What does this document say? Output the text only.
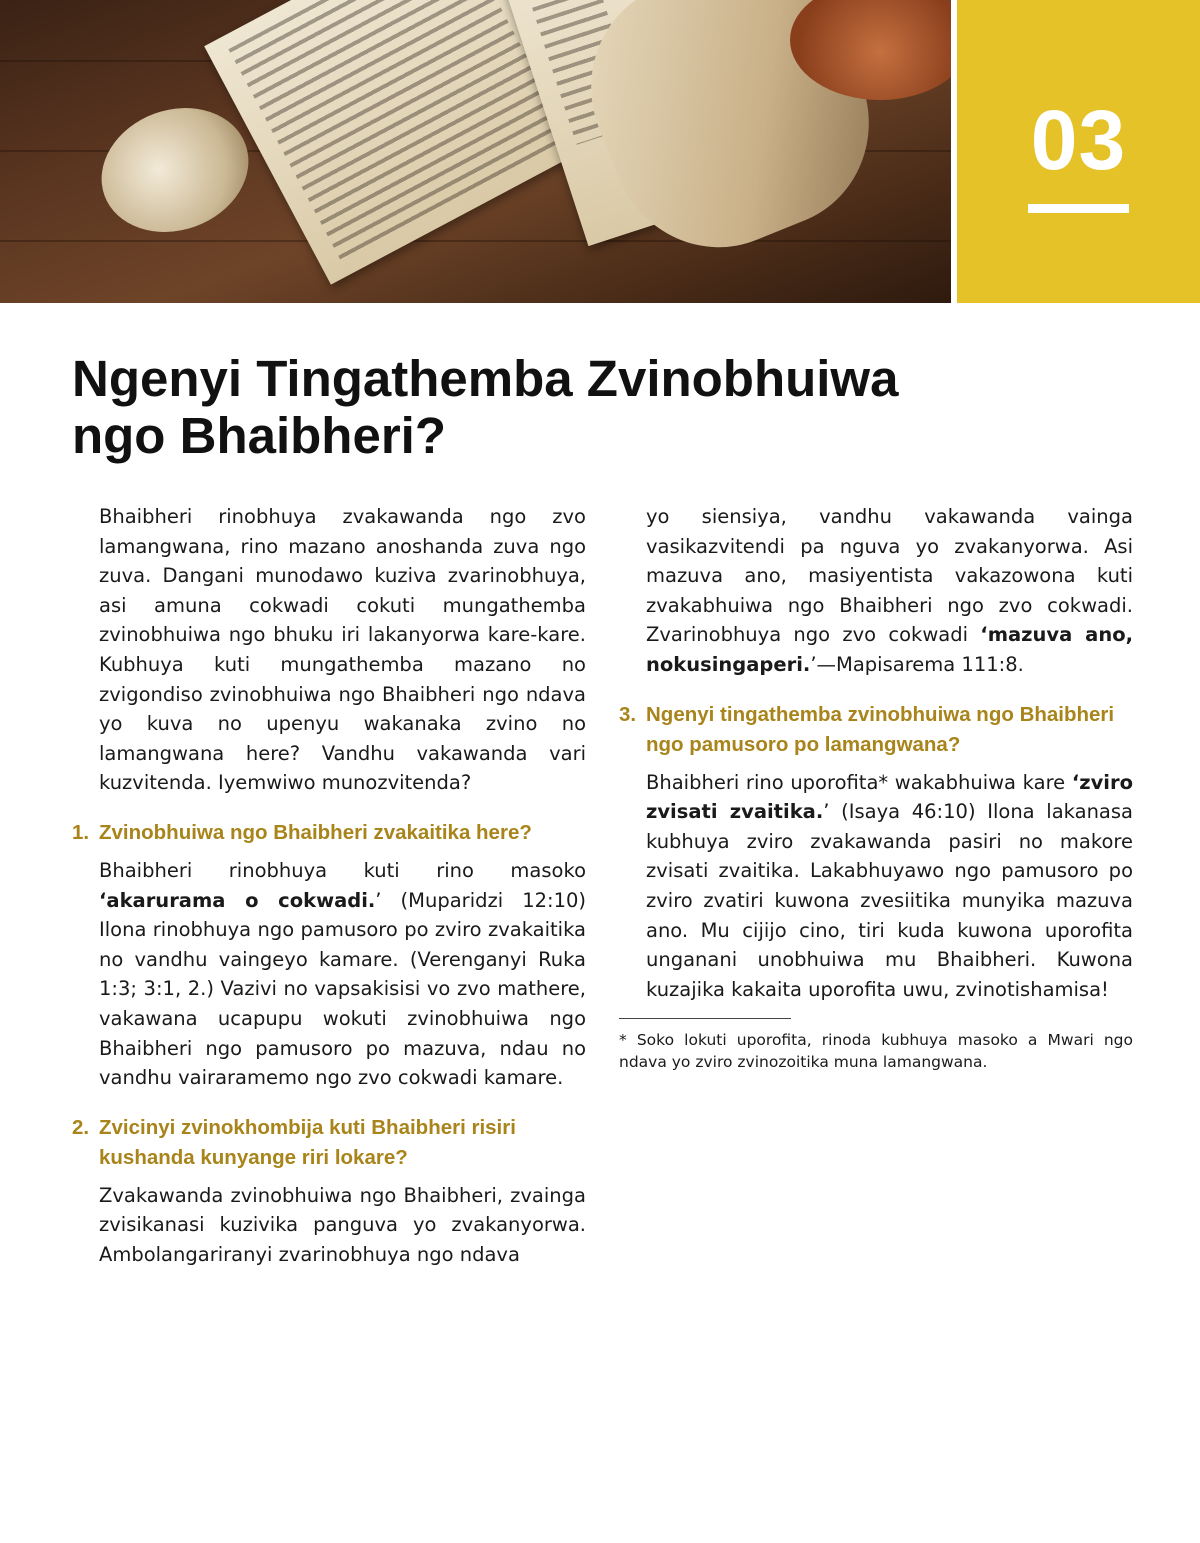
03
Ngenyi Tingathemba Zvinobhuiwa ngo Bhaibheri?

Bhaibheri rinobhuya zvakawanda ngo zvo lamangwana, rino mazano anoshanda zuva ngo zuva. Dangani munodawo kuziva zvarinobhuya, asi amuna cokwadi cokuti mungathemba zvinobhuiwa ngo bhuku iri lakanyorwa kare-kare. Kubhuya kuti mungathemba mazano no zvigondiso zvinobhuiwa ngo Bhaibheri ngo ndava yo kuva no upenyu wakanaka zvino no lamangwana here? Vandhu vakawanda vari kuzvitenda. Iyemwiwo munozvitenda?

1. Zvinobhuiwa ngo Bhaibheri zvakaitika here?

Bhaibheri rinobhuya kuti rino masoko ‘akarurama o cokwadi.’ (Muparidzi 12:10) Ilona rinobhuya ngo pamusoro po zviro zvakaitika no vandhu vaingeyo kamare. (Verenganyi Ruka 1:3; 3:1, 2.) Vazivi no vapsakisisi vo zvo mathere, vakawana ucapupu wokuti zvinobhuiwa ngo Bhaibheri ngo pamusoro po mazuva, ndau no vandhu vairaramemo ngo zvo cokwadi kamare.

2. Zvicinyi zvinokhombija kuti Bhaibheri risiri kushanda kunyange riri lokare?

Zvakawanda zvinobhuiwa ngo Bhaibheri, zvainga zvisikanasi kuzivika panguva yo zvakanyorwa. Ambolangariranyi zvarinobhuya ngo ndava

yo siensiya, vandhu vakawanda vainga vasikazvitendi pa nguva yo zvakanyorwa. Asi mazuva ano, masiyentista vakazowona kuti zvakabhuiwa ngo Bhaibheri ngo zvo cokwadi. Zvarinobhuya ngo zvo cokwadi ‘mazuva ano, nokusingaperi.’—Mapisarema 111:8.

3. Ngenyi tingathemba zvinobhuiwa ngo Bhaibheri ngo pamusoro po lamangwana?

Bhaibheri rino uporofita* wakabhuiwa kare ‘zviro zvisati zvaitika.’ (Isaya 46:10) Ilona lakanasa kubhuya zviro zvakawanda pasiri no makore zvisati zvaitika. Lakabhuyawo ngo pamusoro po zviro zvatiri kuwona zvesiitika munyika mazuva ano. Mu cijijo cino, tiri kuda kuwona uporofita unganani unobhuiwa mu Bhaibheri. Kuwona kuzajika kakaita uporofita uwu, zvinotishamisa!

* Soko lokuti uporofita, rinoda kubhuya masoko a Mwari ngo ndava yo zviro zvinozoitika muna lamangwana.
